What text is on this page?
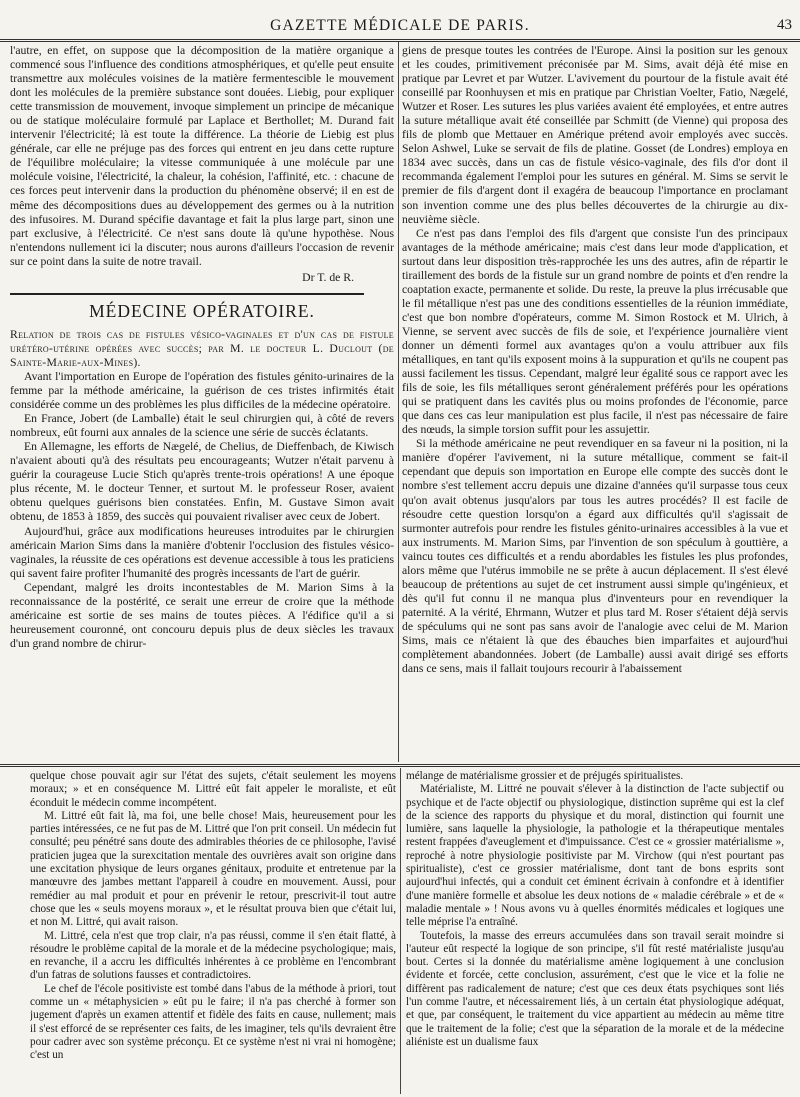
GAZETTE MÉDICALE DE PARIS.	43

l'autre, en effet, on suppose que la décomposition de la matière organique a commencé sous l'influence des conditions atmosphériques, et qu'elle peut ensuite transmettre aux molécules voisines de la matière fermentescible le mouvement dont les molécules de la première substance sont douées. Liebig, pour expliquer cette transmission de mouvement, invoque simplement un principe de mécanique ou de statique moléculaire formulé par Laplace et Berthollet; M. Durand fait intervenir l'électricité; là est toute la différence. La théorie de Liebig est plus générale, car elle ne préjuge pas des forces qui entrent en jeu dans cette rupture de l'équilibre moléculaire; la vitesse communiquée à une molécule par une molécule voisine, l'électricité, la chaleur, la cohésion, l'affinité, etc. : chacune de ces forces peut intervenir dans la production du phénomène observé; il en est de même des décompositions dues au développement des germes ou à la nutrition des infusoires. M. Durand spécifie davantage et fait la plus large part, sinon une part exclusive, à l'électricité. Ce n'est sans doute là qu'une hypothèse. Nous n'entendons nullement ici la discuter; nous aurons d'ailleurs l'occasion de revenir sur ce point dans la suite de notre travail.

Dr T. de R.

MÉDECINE OPÉRATOIRE.

Relation de trois cas de fistules vésico-vaginales et d'un cas de fistule urétéro-utérine opérées avec succès; par M. le docteur L. Duclout (de Sainte-Marie-aux-Mines).

Avant l'importation en Europe de l'opération des fistules génito-urinaires de la femme par la méthode américaine, la guérison de ces tristes infirmités était considérée comme un des problèmes les plus difficiles de la médecine opératoire.

En France, Jobert (de Lamballe) était le seul chirurgien qui, à côté de revers nombreux, eût fourni aux annales de la science une série de succès éclatants.

En Allemagne, les efforts de Nægelé, de Chelius, de Dieffenbach, de Kiwisch n'avaient abouti qu'à des résultats peu encourageants; Wutzer n'était parvenu à guérir la courageuse Lucie Stich qu'après trente-trois opérations! A une époque plus récente, M. le docteur Tenner, et surtout M. le professeur Roser, avaient obtenu quelques guérisons bien constatées. Enfin, M. Gustave Simon avait obtenu, de 1853 à 1859, des succès qui pouvaient rivaliser avec ceux de Jobert.

Aujourd'hui, grâce aux modifications heureuses introduites par le chirurgien américain Marion Sims dans la manière d'obtenir l'occlusion des fistules vésico-vaginales, la réussite de ces opérations est devenue accessible à tous les praticiens qui savent faire profiter l'humanité des progrès incessants de l'art de guérir.

Cependant, malgré les droits incontestables de M. Marion Sims à la reconnaissance de la postérité, ce serait une erreur de croire que la méthode américaine est sortie de ses mains de toutes pièces. A l'édifice qu'il a si heureusement couronné, ont concouru depuis plus de deux siècles les travaux d'un grand nombre de chirur-

giens de presque toutes les contrées de l'Europe. Ainsi la position sur les genoux et les coudes, primitivement préconisée par M. Sims, avait déjà été mise en pratique par Levret et par Wutzer. L'avivement du pourtour de la fistule avait été conseillé par Roonhuysen et mis en pratique par Christian Voelter, Fatio, Nægelé, Wutzer et Roser. Les sutures les plus variées avaient été employées, et entre autres la suture métallique avait été conseillée par Schmitt (de Vienne) qui proposa des fils de plomb que Mettauer en Amérique prétend avoir employés avec succès. Selon Ashwel, Luke se servait de fils de platine. Gosset (de Londres) employa en 1834 avec succès, dans un cas de fistule vésico-vaginale, des fils d'or dont il recommanda également l'emploi pour les sutures en général. M. Sims se servit le premier de fils d'argent dont il exagéra de beaucoup l'importance en proclamant son invention comme une des plus belles découvertes de la chirurgie au dix-neuvième siècle.

Ce n'est pas dans l'emploi des fils d'argent que consiste l'un des principaux avantages de la méthode américaine; mais c'est dans leur mode d'application, et surtout dans leur disposition très-rapprochée les uns des autres, afin de répartir le tiraillement des bords de la fistule sur un grand nombre de points et d'en rendre la coaptation exacte, permanente et solide. Du reste, la preuve la plus irrécusable que le fil métallique n'est pas une des conditions essentielles de la réunion immédiate, c'est que bon nombre d'opérateurs, comme M. Simon Rostock et M. Ulrich, à Vienne, se servent avec succès de fils de soie, et l'expérience journalière vient donner un démenti formel aux avantages qu'on a voulu attribuer aux fils métalliques, en tant qu'ils exposent moins à la suppuration et qu'ils ne coupent pas aussi facilement les tissus. Cependant, malgré leur égalité sous ce rapport avec les fils de soie, les fils métalliques seront généralement préférés pour les opérations qui se pratiquent dans les cavités plus ou moins profondes de l'économie, parce que dans ces cas leur manipulation est plus facile, il n'est pas nécessaire de faire des nœuds, la simple torsion suffit pour les assujettir.

Si la méthode américaine ne peut revendiquer en sa faveur ni la position, ni la manière d'opérer l'avivement, ni la suture métallique, comment se fait-il cependant que depuis son importation en Europe elle compte des succès dont le nombre s'est tellement accru depuis une dizaine d'années qu'il surpasse tous ceux qu'on avait obtenus jusqu'alors par tous les autres procédés? Il est facile de résoudre cette question lorsqu'on a égard aux difficultés qu'il s'agissait de surmonter autrefois pour rendre les fistules génito-urinaires accessibles à la vue et aux instruments. M. Marion Sims, par l'invention de son spéculum à gouttière, a vaincu toutes ces difficultés et a rendu abordables les fistules les plus profondes, alors même que l'utérus immobile ne se prête à aucun déplacement. Il s'est élevé beaucoup de prétentions au sujet de cet instrument aussi simple qu'ingénieux, et dès qu'il fut connu il ne manqua plus d'inventeurs pour en revendiquer la paternité. A la vérité, Ehrmann, Wutzer et plus tard M. Roser s'étaient déjà servis de spéculums qui ne sont pas sans avoir de l'analogie avec celui de M. Marion Sims, mais ce n'étaient là que des ébauches bien imparfaites et aujourd'hui complètement abandonnées. Jobert (de Lamballe) aussi avait dirigé ses efforts dans ce sens, mais il fallait toujours recourir à l'abaissement

quelque chose pouvait agir sur l'état des sujets, c'était seulement les moyens moraux; » et en conséquence M. Littré eût fait appeler le moraliste, et eût éconduit le médecin comme incompétent.

M. Littré eût fait là, ma foi, une belle chose! Mais, heureusement pour les parties intéressées, ce ne fut pas de M. Littré que l'on prit conseil. Un médecin fut consulté; peu pénétré sans doute des admirables théories de ce philosophe, l'avisé praticien jugea que la surexcitation mentale des ouvrières avait son origine dans une excitation physique de leurs organes génitaux, produite et entretenue par la manœuvre des jambes mettant l'appareil à coudre en mouvement. Aussi, pour remédier au mal produit et pour en prévenir le retour, prescrivit-il tout autre chose que les « seuls moyens moraux », et le résultat prouva bien que c'était lui, et non M. Littré, qui avait raison.

M. Littré, cela n'est que trop clair, n'a pas réussi, comme il s'en était flatté, à résoudre le problème capital de la morale et de la médecine psychologique; mais, en revanche, il a accru les difficultés inhérentes à ce problème en l'encombrant d'un fatras de solutions fausses et contradictoires.

Le chef de l'école positiviste est tombé dans l'abus de la méthode à priori, tout comme un « métaphysicien » eût pu le faire; il n'a pas cherché à former son jugement d'après un examen attentif et fidèle des faits en cause, nullement; mais il s'est efforcé de se représenter ces faits, de les imaginer, tels qu'ils devraient être pour cadrer avec son système préconçu. Et ce système n'est ni vrai ni homogène; c'est un

mélange de matérialisme grossier et de préjugés spiritualistes.

Matérialiste, M. Littré ne pouvait s'élever à la distinction de l'acte subjectif ou psychique et de l'acte objectif ou physiologique, distinction suprême qui est la clef de la science des rapports du physique et du moral, distinction qui fournit une lumière, sans laquelle la physiologie, la pathologie et la thérapeutique mentales restent frappées d'aveuglement et d'impuissance. C'est ce « grossier matérialisme », reproché à notre physiologie positiviste par M. Virchow (qui n'est pourtant pas spiritualiste), c'est ce grossier matérialisme, dont tant de bons esprits sont aujourd'hui infectés, qui a conduit cet éminent écrivain à confondre et à identifier d'une manière formelle et absolue les deux notions de « maladie cérébrale » et de « maladie mentale » ! Nous avons vu à quelles énormités médicales et logiques une telle méprise l'a entraîné.

Toutefois, la masse des erreurs accumulées dans son travail serait moindre si l'auteur eût respecté la logique de son principe, s'il fût resté matérialiste jusqu'au bout. Certes si la donnée du matérialisme amène logiquement à une conclusion évidente et forcée, cette conclusion, assurément, c'est que le vice et la folie ne diffèrent pas radicalement de nature; c'est que ces deux états psychiques sont liés l'un comme l'autre, et nécessairement liés, à un certain état physiologique adéquat, et que, par conséquent, le traitement du vice appartient au médecin au même titre que le traitement de la folie; c'est que la séparation de la morale et de la médecine aliéniste est un dualisme faux
